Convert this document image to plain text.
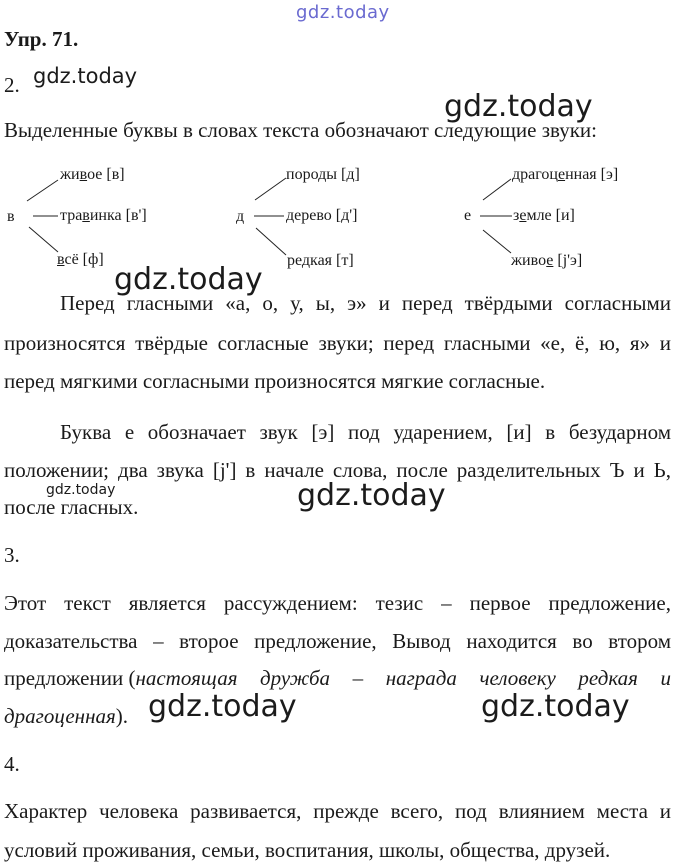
gdz.today
gdz.today
gdz.today
gdz.today
gdz.today	gdz.today
gdz.today	gdz.today
Упр. 71.
2.
Выделенные буквы в словах текста обозначают следующие звуки:
в
живое [в]
травинка [в']
всё [ф]
д
породы [д]
дерево [д']
редкая [т]
е
драгоценная [э]
земле [и]
живое [j'э]
Перед гласными «а, о, у, ы, э» и перед твёрдыми согласными
произносятся твёрдые согласные звуки; перед гласными «е, ё, ю, я» и
перед мягкими согласными произносятся мягкие согласные.
Буква е обозначает звук [э] под ударением, [и] в безударном
положении; два звука [j'] в начале слова, после разделительных Ъ и Ь,
после гласных.
3.
Этот текст является рассуждением: тезис – первое предложение,
доказательства – второе предложение, Вывод находится во втором
предложении ( настоящая дружба – награда человеку редкая и
драгоценная).
4.
Характер человека развивается, прежде всего, под влиянием места и
условий проживания, семьи, воспитания, школы, общества, друзей.
